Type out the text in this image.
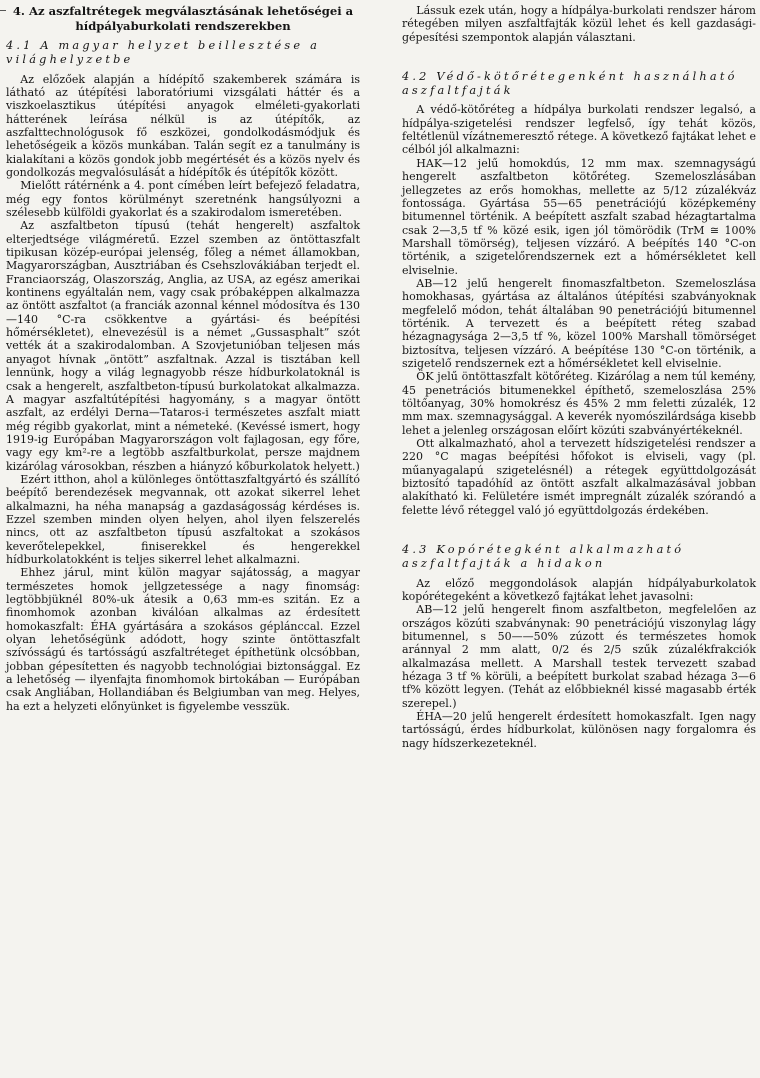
4. Az aszfaltrétegek megválasztásának lehetőségei a hídpályaburkolati rendszerekben
4.1 A magyar helyzet beillesztése a világhelyzetbe

Az előzőek alapján a hídépítő szakemberek számára is látható az útépítési laboratóriumi vizsgálati háttér és a viszkoelasztikus útépítési anyagok elméleti-gyakorlati hátterének leírása nélkül is az útépítők, az aszfalttechnológusok fő eszközei, gondolkodásmódjuk és lehetőségeik a közös munkában. Talán segít ez a tanulmány is kialakítani a közös gondok jobb megértését és a közös nyelv és gondolkozás megvalósulását a hídépítők és útépítők között.

Mielőtt rátérnénk a 4. pont címében leírt befejező feladatra, még egy fontos körülményt szeretnénk hangsúlyozni a szélesebb külföldi gyakorlat és a szakirodalom ismeretében.

Az aszfaltbeton típusú (tehát hengerelt) aszfaltok elterjedtsége világméretű. Ezzel szemben az öntöttaszfalt tipikusan közép-európai jelenség, főleg a német államokban, Magyarországban, Ausztriában és Csehszlovákiában terjedt el. Franciaország, Olaszország, Anglia, az USA, az egész amerikai kontinens egyáltalán nem, vagy csak próbaképpen alkalmazza az öntött aszfaltot (a franciák azonnal kénnel módosítva és 130—140 °C-ra csökkentve a gyártási- és beépítési hőmérsékletet), elnevezésül is a német „Gussasphalt” szót vették át a szakirodalomban. A Szovjetunióban teljesen más anyagot hívnak „öntött” aszfaltnak. Azzal is tisztában kell lennünk, hogy a világ legnagyobb része hídburkolatoknál is csak a hengerelt, aszfaltbeton-típusú burkolatokat alkalmazza. A magyar aszfaltútépítési hagyomány, s a magyar öntött aszfalt, az erdélyi Derna—Tataros-i természetes aszfalt miatt még régibb gyakorlat, mint a németeké. (Kevéssé ismert, hogy 1919-ig Európában Magyarországon volt fajlagosan, egy főre, vagy egy km²-re a legtöbb aszfaltburkolat, persze majdnem kizárólag városokban, részben a hiányzó kőburkolatok helyett.)

Ezért itthon, ahol a különleges öntöttaszfaltgyártó és szállító beépítő berendezések megvannak, ott azokat sikerrel lehet alkalmazni, ha néha manapság a gazdaságosság kérdéses is. Ezzel szemben minden olyen helyen, ahol ilyen felszerelés nincs, ott az aszfaltbeton típusú aszfaltokat a szokásos keverőtelepekkel, finiserekkel és hengerekkel hídburkolatokként is teljes sikerrel lehet alkalmazni.

Ehhez járul, mint külön magyar sajátosság, a magyar természetes homok jellgzetessége a nagy finomság: legtöbbjüknél 80%-uk átesik a 0,63 mm-es szitán. Ez a finomhomok azonban kiválóan alkalmas az érdesített homokaszfalt: ÉHA gyártására a szokásos géplánccal. Ezzel olyan lehetőségünk adódott, hogy szinte öntöttaszfalt szívósságú és tartósságú aszfaltréteget építhetünk olcsóbban, jobban gépesítetten és nagyobb technológiai biztonsággal. Ez a lehetőség — ilyenfajta finomhomok birtokában — Európában csak Angliában, Hollandiában és Belgiumban van meg. Helyes, ha ezt a helyzeti előnyünket is figyelembe vesszük.

Lássuk ezek után, hogy a hídpálya-burkolati rendszer három rétegében milyen aszfaltfajták közül lehet és kell gazdasági-gépesítési szempontok alapján választani.

4.2 Védő-kötőrétegenként használható aszfaltfajták

A védő-kötőréteg a hídpálya burkolati rendszer legalsó, a hídpálya-szigetelési rendszer legfelső, így tehát közös, feltétlenül vízátnemeresztő rétege. A következő fajtákat lehet e célból jól alkalmazni:

HAK—12 jelű homokdús, 12 mm max. szemnagyságú hengerelt aszfaltbeton kötőréteg. Szemeloszlásában jellegzetes az erős homokhas, mellette az 5/12 zúzalékváz fontossága. Gyártása 55—65 penetrációjú középkemény bitumennel történik. A beépített aszfalt szabad hézagtartalma csak 2—3,5 tf % közé esik, igen jól tömörödik (TrM ≅ 100% Marshall tömörség), teljesen vízzáró. A beépítés 140 °C-on történik, a szigetelőrendszernek ezt a hőmérsékletet kell elviselnie.

AB—12 jelű hengerelt finomaszfaltbeton. Szemeloszlása homokhasas, gyártása az általános útépítési szabványoknak megfelelő módon, tehát általában 90 penetrációjú bitumennel történik. A tervezett és a beépített réteg szabad hézagnagysága 2—3,5 tf %, közel 100% Marshall tömörséget biztosítva, teljesen vízzáró. A beépítése 130 °C-on történik, a szigetelő rendszernek ezt a hőmérsékletet kell elviselnie.

ÖK jelű öntöttaszfalt kötőréteg. Kizárólag a nem túl kemény, 45 penetrációs bitumenekkel építhető, szemeloszlása 25% töltőanyag, 30% homokrész és 45% 2 mm feletti zúzalék, 12 mm max. szemnagysággal. A keverék nyomószilárdsága kisebb lehet a jelenleg országosan előírt közúti szabványértékeknél.

Ott alkalmazható, ahol a tervezett hídszigetelési rendszer a 220 °C magas beépítési hőfokot is elviseli, vagy (pl. műanyagalapú szigetelésnél) a rétegek együttdolgozását biztosító tapadóhíd az öntött aszfalt alkalmazásával jobban alakítható ki. Felületére ismét impregnált zúzalék szórandó a felette lévő réteggel való jó együttdolgozás érdekében.

4.3 Kopórétegként alkalmazható aszfaltfajták a hidakon

Az előző meggondolások alapján hídpályaburkolatok kopórétegeként a következő fajtákat lehet javasolni:

AB—12 jelű hengerelt finom aszfaltbeton, megfelelően az országos közúti szabványnak: 90 penetrációjú viszonylag lágy bitumennel, s 50——50% zúzott és természetes homok aránnyal 2 mm alatt, 0/2 és 2/5 szűk zúzalékfrakciók alkalmazása mellett. A Marshall testek tervezett szabad hézaga 3 tf % körüli, a beépített burkolat szabad hézaga 3—6 tf% között legyen. (Tehát az előbbieknél kissé magasabb érték szerepel.)

ÉHA—20 jelű hengerelt érdesített homokaszfalt. Igen nagy tartósságú, érdes hídburkolat, különösen nagy forgalomra és nagy hídszerkezeteknél.
